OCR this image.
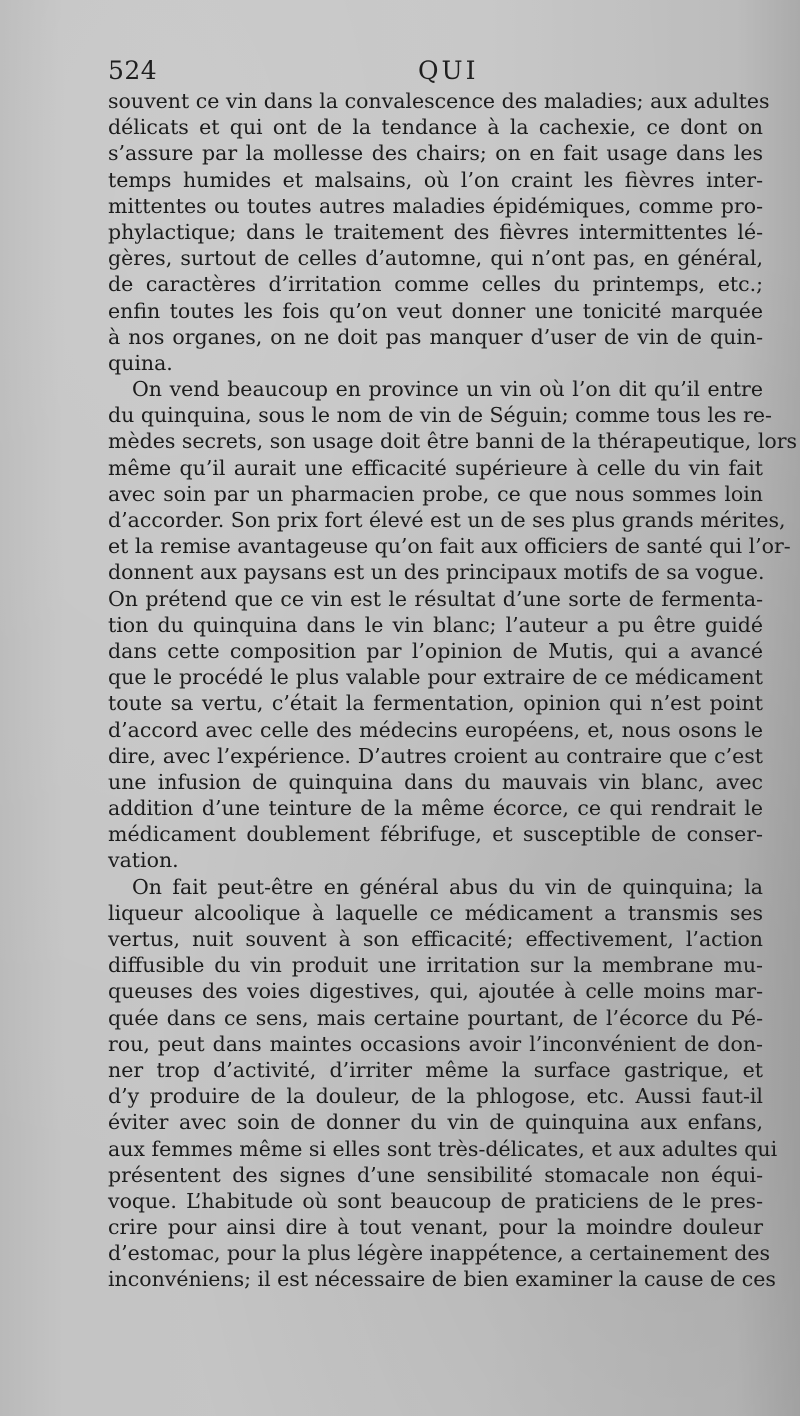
524	QUI
souvent ce vin dans la convalescence des maladies; aux adultes
délicats et qui ont de la tendance à la cachexie, ce dont on
s’assure par la mollesse des chairs; on en fait usage dans les
temps humides et malsains, où l’on craint les fièvres inter-
mittentes ou toutes autres maladies épidémiques, comme pro-
phylactique; dans le traitement des fièvres intermittentes lé-
gères, surtout de celles d’automne, qui n’ont pas, en général,
de caractères d’irritation comme celles du printemps, etc.;
enfin toutes les fois qu’on veut donner une tonicité marquée
à nos organes, on ne doit pas manquer d’user de vin de quin-
quina.
On vend beaucoup en province un vin où l’on dit qu’il entre
du quinquina, sous le nom de vin de Séguin; comme tous les re-
mèdes secrets, son usage doit être banni de la thérapeutique, lors
même qu’il aurait une efficacité supérieure à celle du vin fait
avec soin par un pharmacien probe, ce que nous sommes loin
d’accorder. Son prix fort élevé est un de ses plus grands mérites,
et la remise avantageuse qu’on fait aux officiers de santé qui l’or-
donnent aux paysans est un des principaux motifs de sa vogue.
On prétend que ce vin est le résultat d’une sorte de fermenta-
tion du quinquina dans le vin blanc; l’auteur a pu être guidé
dans cette composition par l’opinion de Mutis, qui a avancé
que le procédé le plus valable pour extraire de ce médicament
toute sa vertu, c’était la fermentation, opinion qui n’est point
d’accord avec celle des médecins européens, et, nous osons le
dire, avec l’expérience. D’autres croient au contraire que c’est
une infusion de quinquina dans du mauvais vin blanc, avec
addition d’une teinture de la même écorce, ce qui rendrait le
médicament doublement fébrifuge, et susceptible de conser-
vation.
On fait peut-être en général abus du vin de quinquina; la
liqueur alcoolique à laquelle ce médicament a transmis ses
vertus, nuit souvent à son efficacité; effectivement, l’action
diffusible du vin produit une irritation sur la membrane mu-
queuses des voies digestives, qui, ajoutée à celle moins mar-
quée dans ce sens, mais certaine pourtant, de l’écorce du Pé-
rou, peut dans maintes occasions avoir l’inconvénient de don-
ner trop d’activité, d’irriter même la surface gastrique, et
d’y produire de la douleur, de la phlogose, etc. Aussi faut-il
éviter avec soin de donner du vin de quinquina aux enfans,
aux femmes même si elles sont très-délicates, et aux adultes qui
présentent des signes d’une sensibilité stomacale non équi-
voque. L’habitude où sont beaucoup de praticiens de le pres-
crire pour ainsi dire à tout venant, pour la moindre douleur
d’estomac, pour la plus légère inappétence, a certainement des
inconvéniens; il est nécessaire de bien examiner la cause de ces
